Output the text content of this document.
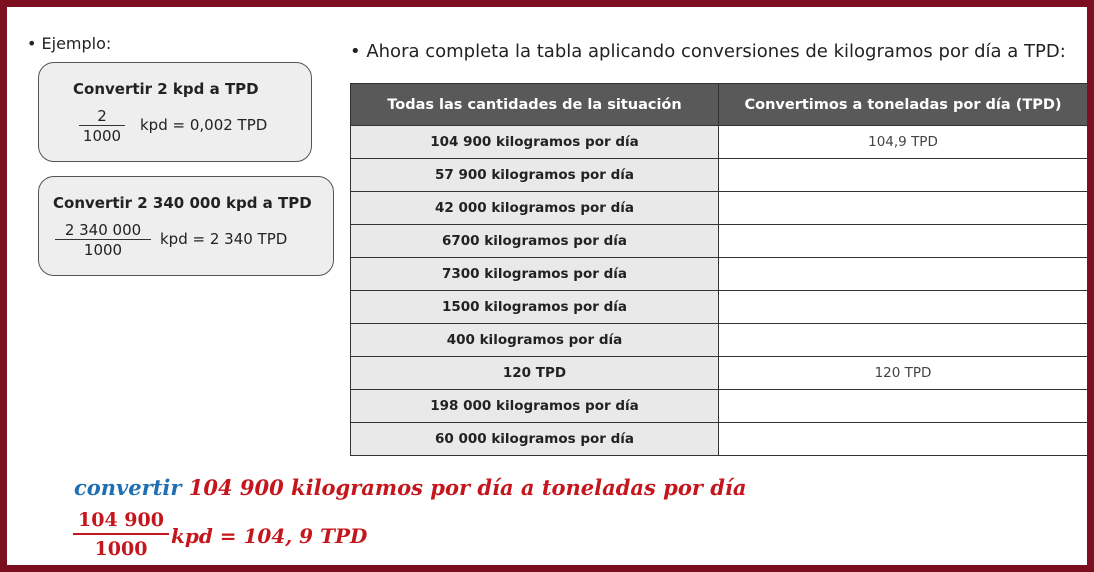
• Ejemplo:	• Ahora completa la tabla aplicando conversiones de kilogramos por día a TPD:
Convertir 2 kpd a TPD
$\frac{2}{1000}$ kpd = 0,002 TPD
Convertir 2 340 000 kpd a TPD
$\frac{2 340 000}{1000}$ kpd = 2 340 TPD
Todas las cantidades de la situación	Convertimos a toneladas por día (TPD)
104 900 kilogramos por día	104,9 TPD
57 900 kilogramos por día	
42 000 kilogramos por día	
6700 kilogramos por día	
7300 kilogramos por día	
1500 kilogramos por día	
400 kilogramos por día	
120 TPD	120 TPD
198 000 kilogramos por día	
60 000 kilogramos por día	
convertir 104 900 kilogramos por día a toneladas por día
$\frac{104 900}{1000}$ kpd = 104, 9 TPD
